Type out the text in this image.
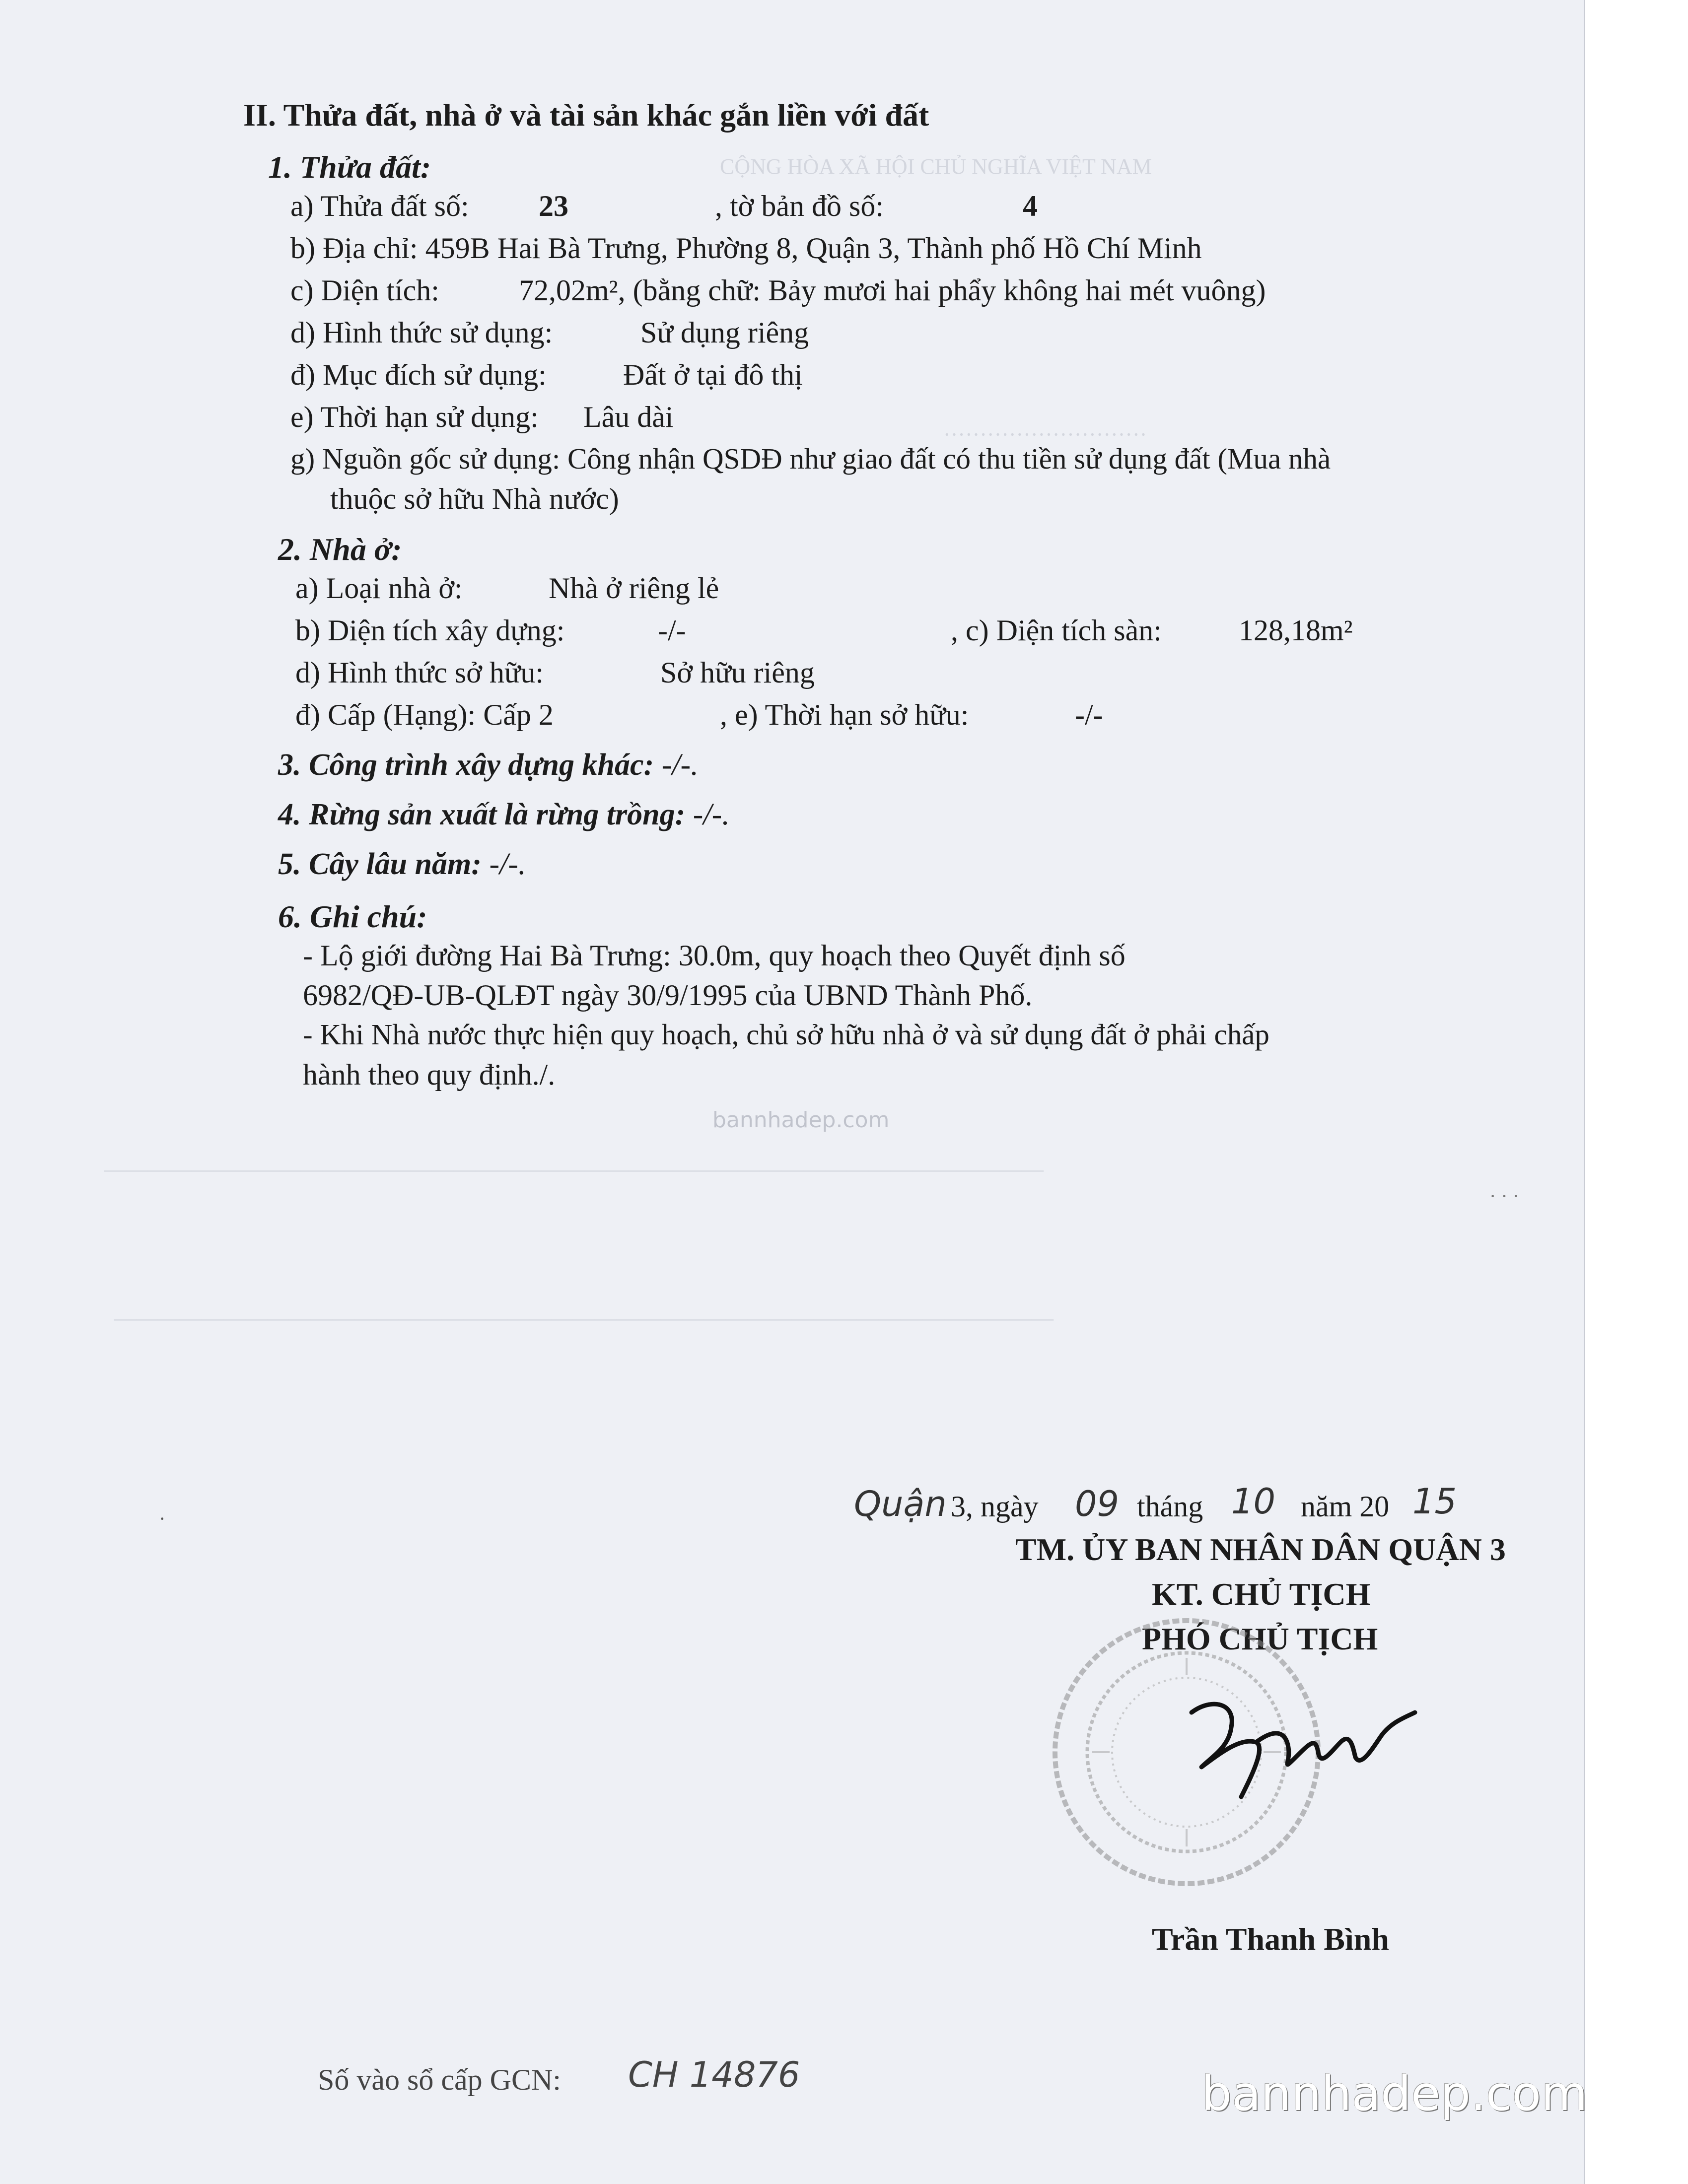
CỘNG HÒA XÃ HỘI CHỦ NGHĨA VIỆT NAM
····························
II. Thửa đất, nhà ở và tài sản khác gắn liền với đất
1. Thửa đất:
a) Thửa đất số: 23	, tờ bản đồ số:	4
b) Địa chỉ: 459B Hai Bà Trưng, Phường 8, Quận 3, Thành phố Hồ Chí Minh
c) Diện tích:	72,02m², (bằng chữ: Bảy mươi hai phẩy không hai mét vuông)
d) Hình thức sử dụng:	Sử dụng riêng
đ) Mục đích sử dụng:	Đất ở tại đô thị
e) Thời hạn sử dụng: Lâu dài
g) Nguồn gốc sử dụng: Công nhận QSDĐ như giao đất có thu tiền sử dụng đất (Mua nhà
thuộc sở hữu Nhà nước)
2. Nhà ở:
a) Loại nhà ở:	Nhà ở riêng lẻ
b) Diện tích xây dựng:	-/-	, c) Diện tích sàn:	128,18m²
d) Hình thức sở hữu:	Sở hữu riêng
đ) Cấp (Hạng): Cấp 2	, e) Thời hạn sở hữu:	-/-
3. Công trình xây dựng khác: -/-.
4. Rừng sản xuất là rừng trồng: -/-.
5. Cây lâu năm: -/-.
6. Ghi chú:
- Lộ giới đường Hai Bà Trưng: 30.0m, quy hoạch theo Quyết định số
6982/QĐ-UB-QLĐT ngày 30/9/1995 của UBND Thành Phố.
- Khi Nhà nước thực hiện quy hoạch, chủ sở hữu nhà ở và sử dụng đất ở phải chấp
hành theo quy định./.
bannhadep.com
———————————————————————————————————————————
———————————————————————————————————————————
Quận 3, ngày 09 tháng 10 năm 20 15
TM. ỦY BAN NHÂN DÂN QUẬN 3
KT. CHỦ TỊCH
PHÓ CHỦ TỊCH
Trần Thanh Bình
Số vào sổ cấp GCN: CH 14876
·
· · ·
bannhadep.com
